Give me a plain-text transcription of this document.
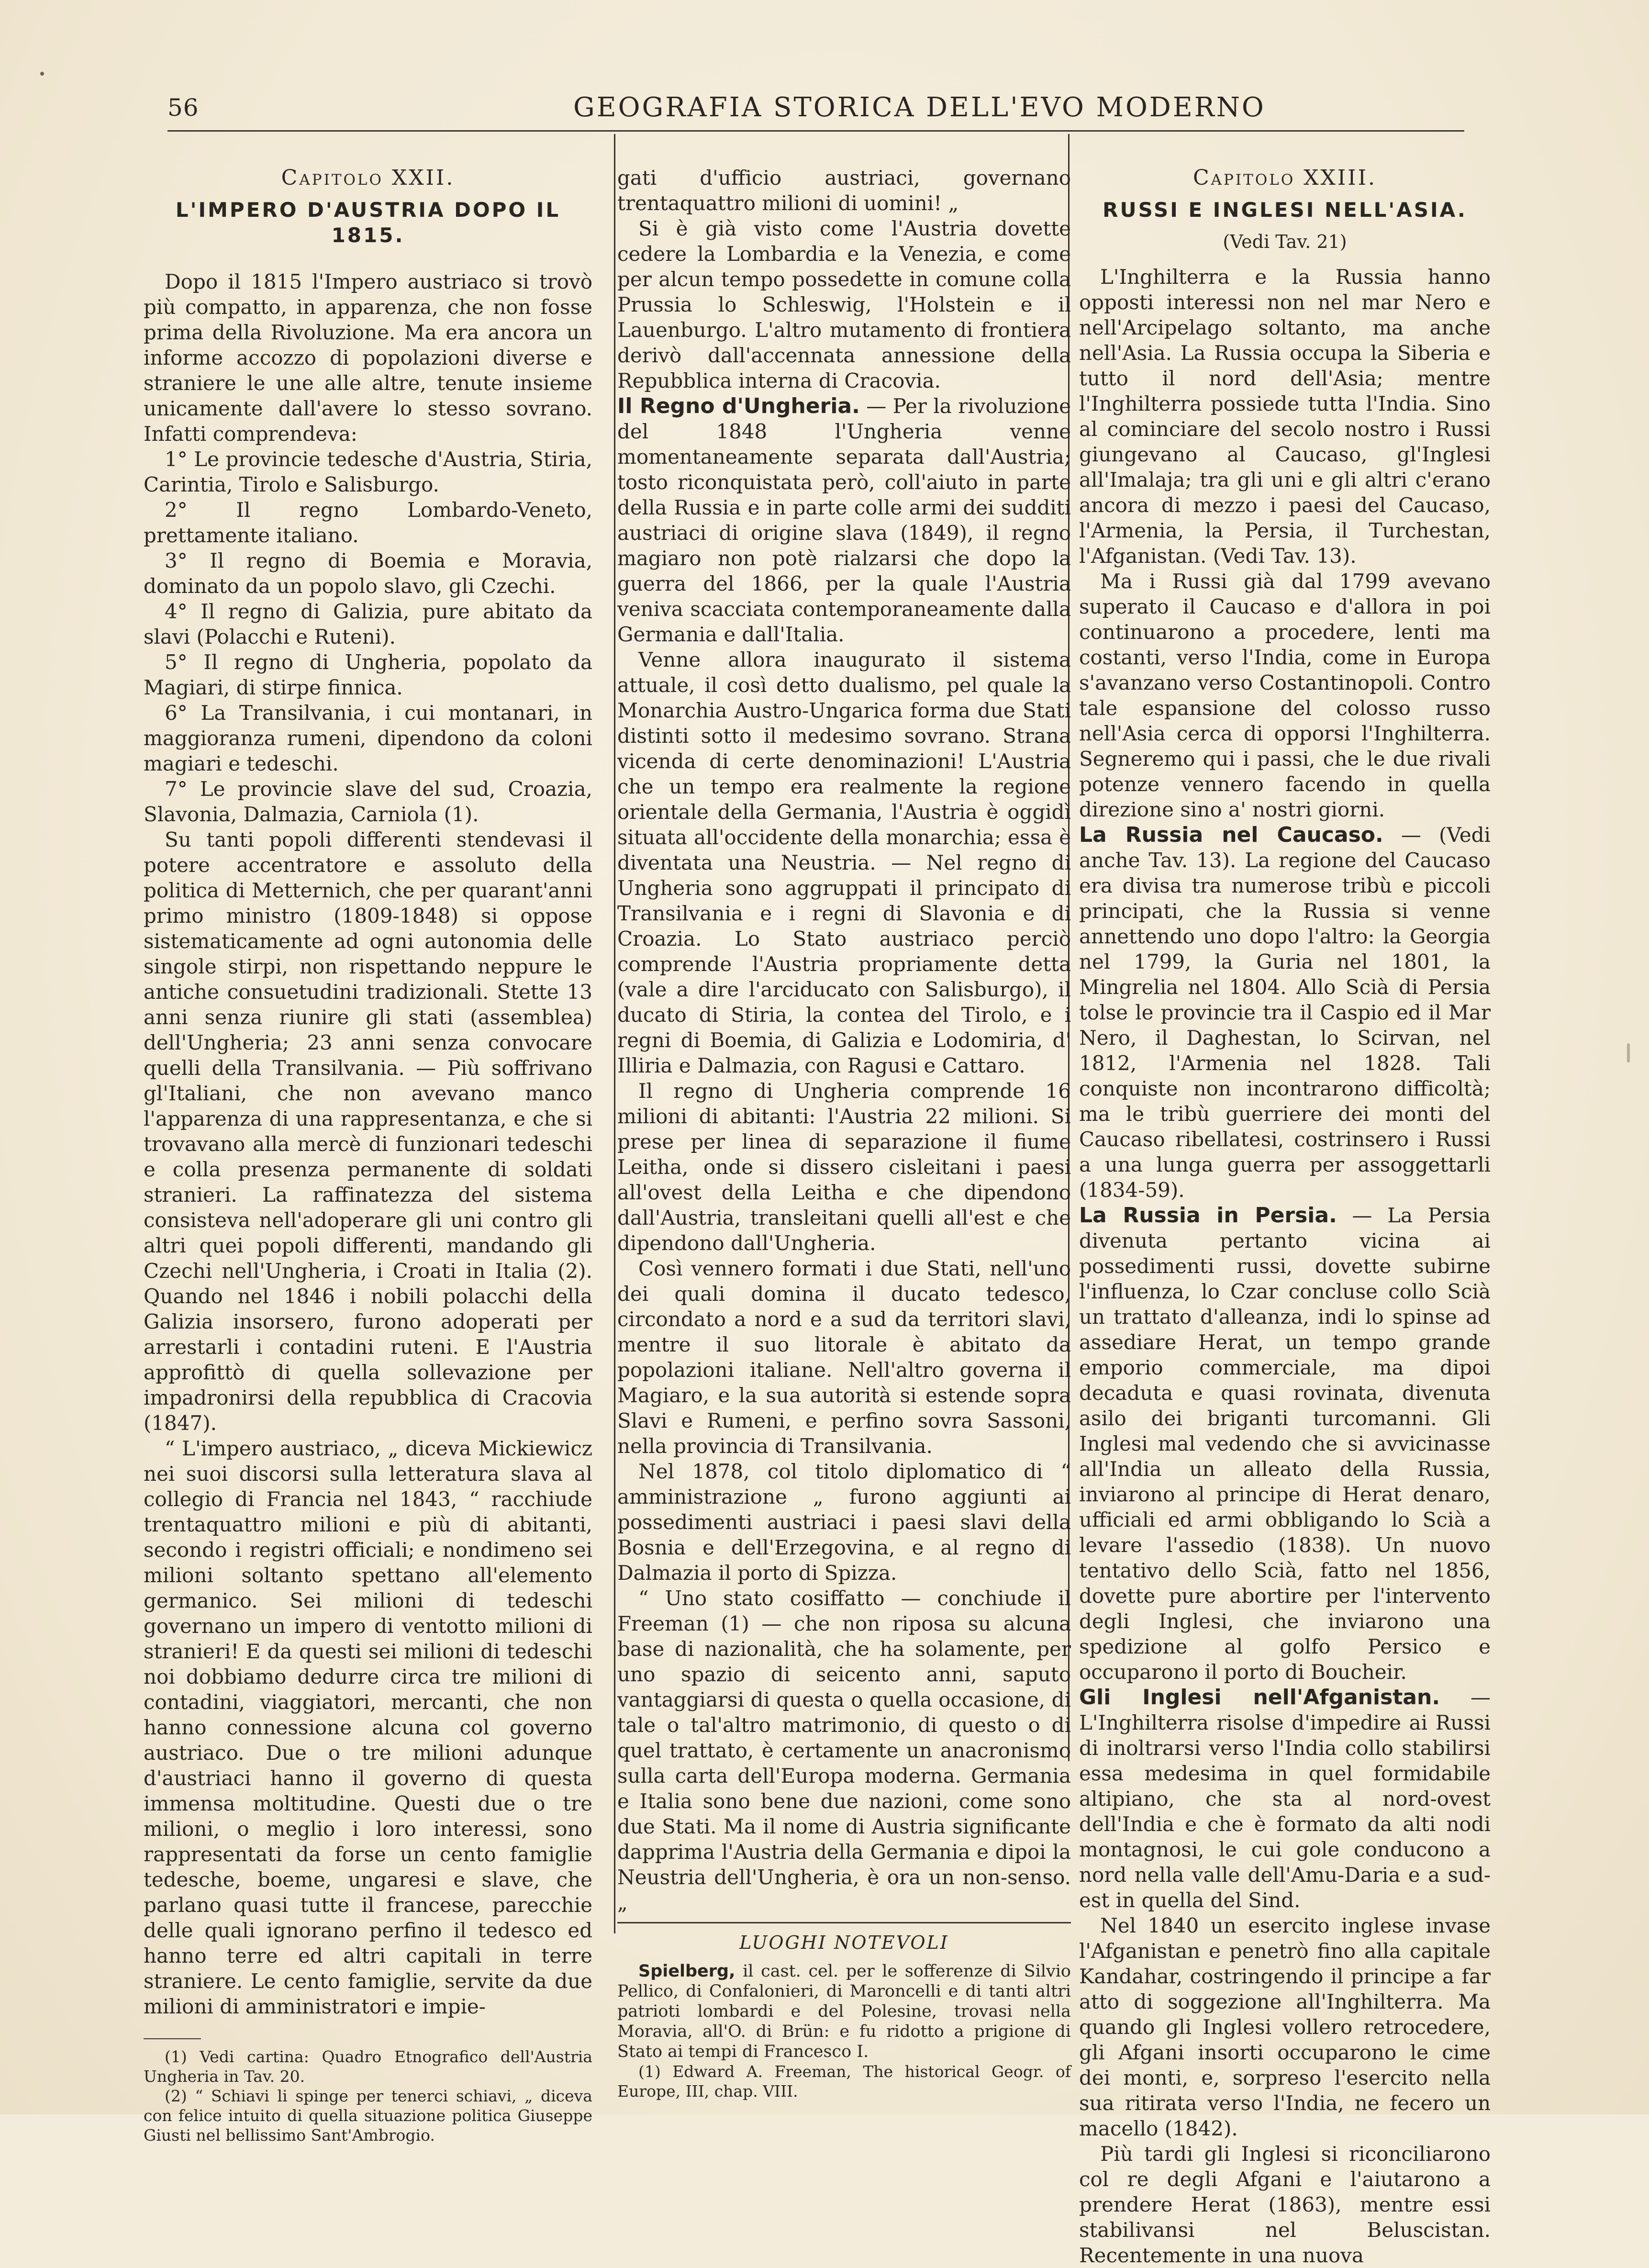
56	GEOGRAFIA STORICA DELL'EVO MODERNO
Capitolo XXII.
L'IMPERO D'AUSTRIA DOPO IL 1815.

Dopo il 1815 l'Impero austriaco si trovò più compatto, in apparenza, che non fosse prima della Rivoluzione. Ma era ancora un informe accozzo di popolazioni diverse e straniere le une alle altre, tenute insieme unicamente dall'avere lo stesso sovrano. Infatti comprendeva:

1° Le provincie tedesche d'Austria, Stiria, Carintia, Tirolo e Salisburgo.

2° Il regno Lombardo-Veneto, prettamente italiano.

3° Il regno di Boemia e Moravia, dominato da un popolo slavo, gli Czechi.

4° Il regno di Galizia, pure abitato da slavi (Polacchi e Ruteni).

5° Il regno di Ungheria, popolato da Magiari, di stirpe finnica.

6° La Transilvania, i cui montanari, in maggioranza rumeni, dipendono da coloni magiari e tedeschi.

7° Le provincie slave del sud, Croazia, Slavonia, Dalmazia, Carniola (1).

Su tanti popoli differenti stendevasi il potere accentratore e assoluto della politica di Metternich, che per quarant'anni primo ministro (1809-1848) si oppose sistematicamente ad ogni autonomia delle singole stirpi, non rispettando neppure le antiche consuetudini tradizionali. Stette 13 anni senza riunire gli stati (assemblea) dell'Ungheria; 23 anni senza convocare quelli della Transilvania. — Più soffrivano gl'Italiani, che non avevano manco l'apparenza di una rappresentanza, e che si trovavano alla mercè di funzionari tedeschi e colla presenza permanente di soldati stranieri. La raffinatezza del sistema consisteva nell'adoperare gli uni contro gli altri quei popoli differenti, mandando gli Czechi nell'Ungheria, i Croati in Italia (2). Quando nel 1846 i nobili polacchi della Galizia insorsero, furono adoperati per arrestarli i contadini ruteni. E l'Austria approfittò di quella sollevazione per impadronirsi della repubblica di Cracovia (1847).

“ L'impero austriaco, „ diceva Mickiewicz nei suoi discorsi sulla letteratura slava al collegio di Francia nel 1843, “ racchiude trentaquattro milioni e più di abitanti, secondo i registri officiali; e nondimeno sei milioni soltanto spettano all'elemento germanico. Sei milioni di tedeschi governano un impero di ventotto milioni di stranieri! E da questi sei milioni di tedeschi noi dobbiamo dedurre circa tre milioni di contadini, viaggiatori, mercanti, che non hanno connessione alcuna col governo austriaco. Due o tre milioni adunque d'austriaci hanno il governo di questa immensa moltitudine. Questi due o tre milioni, o meglio i loro interessi, sono rappresentati da forse un cento famiglie tedesche, boeme, ungaresi e slave, che parlano quasi tutte il francese, parecchie delle quali ignorano perfino il tedesco ed hanno terre ed altri capitali in terre straniere. Le cento famiglie, servite da due milioni di amministratori e impie-

(1) Vedi cartina: Quadro Etnografico dell'Austria Ungheria in Tav. 20.

(2) “ Schiavi li spinge per tenerci schiavi, „ diceva con felice intuito di quella situazione politica Giuseppe Giusti nel bellissimo Sant'Ambrogio.

gati d'ufficio austriaci, governano trentaquattro milioni di uomini! „

Si è già visto come l'Austria dovette cedere la Lombardia e la Venezia, e come per alcun tempo possedette in comune colla Prussia lo Schleswig, l'Holstein e il Lauenburgo. L'altro mutamento di frontiera derivò dall'accennata annessione della Repubblica interna di Cracovia.

Il Regno d'Ungheria. — Per la rivoluzione del 1848 l'Ungheria venne momentaneamente separata dall'Austria; tosto riconquistata però, coll'aiuto in parte della Russia e in parte colle armi dei sudditi austriaci di origine slava (1849), il regno magiaro non potè rialzarsi che dopo la guerra del 1866, per la quale l'Austria veniva scacciata contemporaneamente dalla Germania e dall'Italia.

Venne allora inaugurato il sistema attuale, il così detto dualismo, pel quale la Monarchia Austro-Ungarica forma due Stati distinti sotto il medesimo sovrano. Strana vicenda di certe denominazioni! L'Austria che un tempo era realmente la regione orientale della Germania, l'Austria è oggidì situata all'occidente della monarchia; essa è diventata una Neustria. — Nel regno di Ungheria sono aggruppati il principato di Transilvania e i regni di Slavonia e di Croazia. Lo Stato austriaco perciò comprende l'Austria propriamente detta (vale a dire l'arciducato con Salisburgo), il ducato di Stiria, la contea del Tirolo, e i regni di Boemia, di Galizia e Lodomiria, d' Illiria e Dalmazia, con Ragusi e Cattaro.

Il regno di Ungheria comprende 16 milioni di abitanti: l'Austria 22 milioni. Si prese per linea di separazione il fiume Leitha, onde si dissero cisleitani i paesi all'ovest della Leitha e che dipendono dall'Austria, transleitani quelli all'est e che dipendono dall'Ungheria.

Così vennero formati i due Stati, nell'uno dei quali domina il ducato tedesco, circondato a nord e a sud da territori slavi, mentre il suo litorale è abitato da popolazioni italiane. Nell'altro governa il Magiaro, e la sua autorità si estende sopra Slavi e Rumeni, e perfino sovra Sassoni, nella provincia di Transilvania.

Nel 1878, col titolo diplomatico di “ amministrazione „ furono aggiunti ai possedimenti austriaci i paesi slavi della Bosnia e dell'Erzegovina, e al regno di Dalmazia il porto di Spizza.

“ Uno stato cosiffatto — conchiude il Freeman (1) — che non riposa su alcuna base di nazionalità, che ha solamente, per uno spazio di seicento anni, saputo vantaggiarsi di questa o quella occasione, di tale o tal'altro matrimonio, di questo o di quel trattato, è certamente un anacronismo sulla carta dell'Europa moderna. Germania e Italia sono bene due nazioni, come sono due Stati. Ma il nome di Austria significante dapprima l'Austria della Germania e dipoi la Neustria dell'Ungheria, è ora un non-senso. „

LUOGHI NOTEVOLI

Spielberg, il cast. cel. per le sofferenze di Silvio Pellico, di Confalonieri, di Maroncelli e di tanti altri patrioti lombardi e del Polesine, trovasi nella Moravia, all'O. di Brün: e fu ridotto a prigione di Stato ai tempi di Francesco I.

(1) Edward A. Freeman, The historical Geogr. of Europe, III, chap. VIII.

Capitolo XXIII.
RUSSI E INGLESI NELL'ASIA.
(Vedi Tav. 21)

L'Inghilterra e la Russia hanno opposti interessi non nel mar Nero e nell'Arcipelago soltanto, ma anche nell'Asia. La Russia occupa la Siberia e tutto il nord dell'Asia; mentre l'Inghilterra possiede tutta l'India. Sino al cominciare del secolo nostro i Russi giungevano al Caucaso, gl'Inglesi all'Imalaja; tra gli uni e gli altri c'erano ancora di mezzo i paesi del Caucaso, l'Armenia, la Persia, il Turchestan, l'Afganistan. (Vedi Tav. 13).

Ma i Russi già dal 1799 avevano superato il Caucaso e d'allora in poi continuarono a procedere, lenti ma costanti, verso l'India, come in Europa s'avanzano verso Costantinopoli. Contro tale espansione del colosso russo nell'Asia cerca di opporsi l'Inghilterra. Segneremo qui i passi, che le due rivali potenze vennero facendo in quella direzione sino a' nostri giorni.

La Russia nel Caucaso. — (Vedi anche Tav. 13). La regione del Caucaso era divisa tra numerose tribù e piccoli principati, che la Russia si venne annettendo uno dopo l'altro: la Georgia nel 1799, la Guria nel 1801, la Mingrelia nel 1804. Allo Scià di Persia tolse le provincie tra il Caspio ed il Mar Nero, il Daghestan, lo Scirvan, nel 1812, l'Armenia nel 1828. Tali conquiste non incontrarono difficoltà; ma le tribù guerriere dei monti del Caucaso ribellatesi, costrinsero i Russi a una lunga guerra per assoggettarli (1834-59).

La Russia in Persia. — La Persia divenuta pertanto vicina ai possedimenti russi, dovette subirne l'influenza, lo Czar concluse collo Scià un trattato d'alleanza, indi lo spinse ad assediare Herat, un tempo grande emporio commerciale, ma dipoi decaduta e quasi rovinata, divenuta asilo dei briganti turcomanni. Gli Inglesi mal vedendo che si avvicinasse all'India un alleato della Russia, inviarono al principe di Herat denaro, ufficiali ed armi obbligando lo Scià a levare l'assedio (1838). Un nuovo tentativo dello Scià, fatto nel 1856, dovette pure abortire per l'intervento degli Inglesi, che inviarono una spedizione al golfo Persico e occuparono il porto di Boucheir.

Gli Inglesi nell'Afganistan. — L'Inghilterra risolse d'impedire ai Russi di inoltrarsi verso l'India collo stabilirsi essa medesima in quel formidabile altipiano, che sta al nord-ovest dell'India e che è formato da alti nodi montagnosi, le cui gole conducono a nord nella valle dell'Amu-Daria e a sud-est in quella del Sind.

Nel 1840 un esercito inglese invase l'Afganistan e penetrò fino alla capitale Kandahar, costringendo il principe a far atto di soggezione all'Inghilterra. Ma quando gli Inglesi vollero retrocedere, gli Afgani insorti occuparono le cime dei monti, e, sorpreso l'esercito nella sua ritirata verso l'India, ne fecero un macello (1842).

Più tardi gli Inglesi si riconciliarono col re degli Afgani e l'aiutarono a prendere Herat (1863), mentre essi stabilivansi nel Beluscistan. Recentemente in una nuova
